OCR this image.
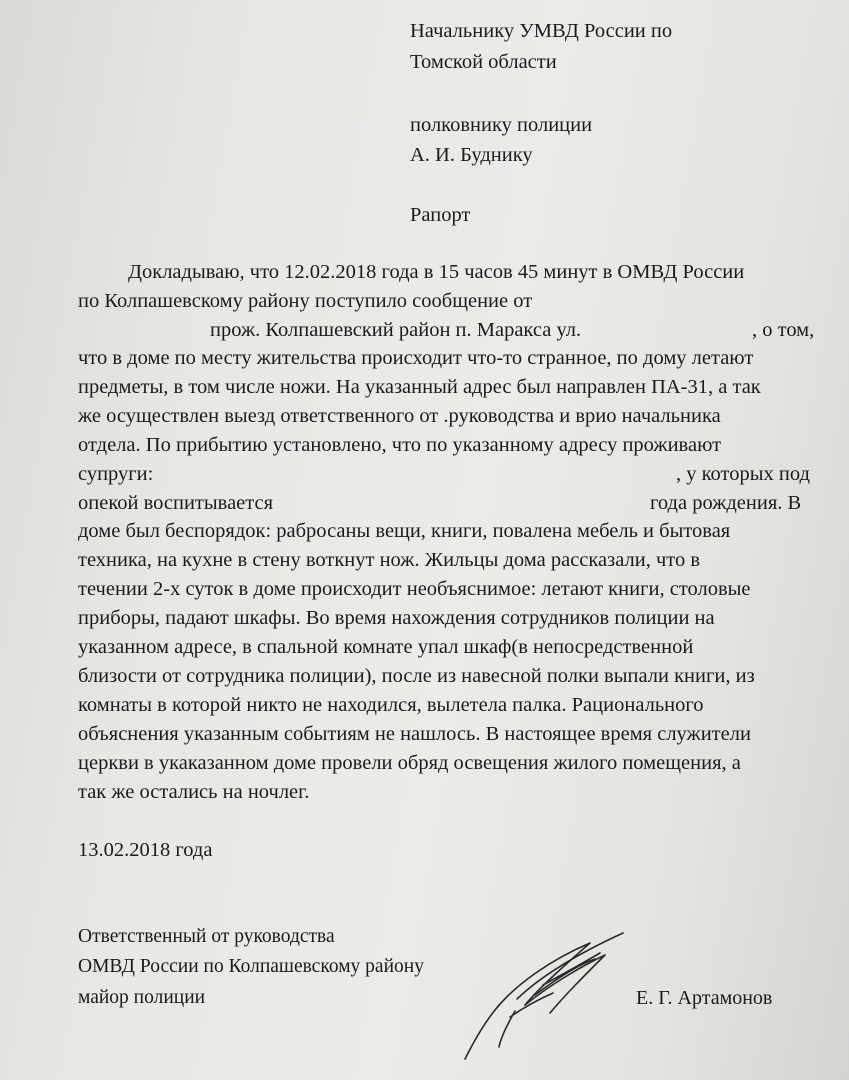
Начальнику УМВД России по
Томской области
полковнику полиции
А. И. Буднику
Рапорт
Докладываю, что 12.02.2018 года в 15 часов 45 минут в ОМВД России
по Колпашевскому району поступило сообщение от
прож. Колпашевский район п. Маракса ул.	, о том,
что в доме по месту жительства происходит что-то странное, по дому летают
предметы, в том числе ножи. На указанный адрес был направлен ПА-31, а так
же осуществлен выезд ответственного от .руководства и врио начальника
отдела. По прибытию установлено, что по указанному адресу проживают
супруги:	, у которых под
опекой воспитывается	года рождения. В
доме был беспорядок: рабросаны вещи, книги, повалена мебель и бытовая
техника, на кухне в стену воткнут нож. Жильцы дома рассказали, что в
течении 2-х суток в доме происходит необъяснимое: летают книги, столовые
приборы, падают шкафы. Во время нахождения сотрудников полиции на
указанном адресе, в спальной комнате упал шкаф(в непосредственной
близости от сотрудника полиции), после из навесной полки выпали книги, из
комнаты в которой никто не находился, вылетела палка. Рационального
объяснения указанным событиям не нашлось. В настоящее время служители
церкви в укаказанном доме провели обряд освещения жилого помещения, а
так же остались на ночлег.
13.02.2018 года
Ответственный от руководства
ОМВД России по Колпашевскому району
майор полиции	Е. Г. Артамонов
